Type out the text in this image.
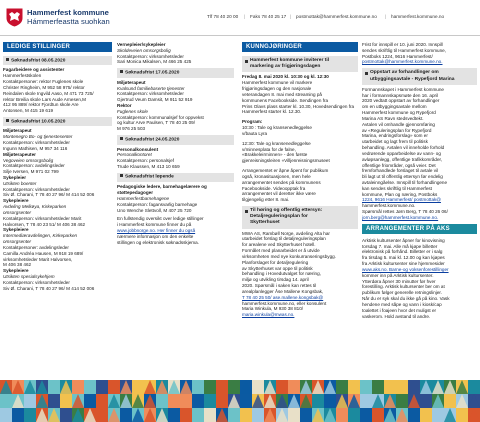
Hammerfest kommune
Hámmerfeastta suohkan
Tlf 78 40 20 00 | Faks 78 40 25 17 | postmottak@hammerfest.kommune.no | hammerfest.kommune.no
LEDIGE STILLINGER
Søknadsfrist 08.05.2020
Fagarbeidere og assistenter
Hammerfestskolen
Kontaktpersoner: rektor Fuglenes skole
Christer Ringheim, M 952 58 975/ rektor
Reindalen skole Ingvild Aaso, M 471 73 725/
rektor Breilia skole Lars Aude Arnesen,M
412 95 889/ rektor Fjordtun skole Are
Antonsen, M 415 19 619
Søknadsfrist 10.05.2020
Miljøterapeut
Montenegro Bo- og tjenestesenter
Kontaktperson: virksomhetsleder
Ingunn Mathisen, M 957 34 116
Miljøterapeuter
Vegoveien omsorgsbolig
Kontaktperson: avdelingsleder
Silje Iversen, M 971 02 799
Sykepleier
Utsikten boenter
Kontaktperson: virksomhetsleder
Siv Ø. Charani, T 78 40 27 96/ M 414 52 006
Sykepleiere
Avdeling Melkøya, Kirkeparken
omsorgsenter
Kontaktperson: virksomhetsleder Marit
Halvorsen, T 78 40 23 51/ M 406 38 462
Sykepleiere
Intermediæravdelingen, Kirkeparken
omsorgsenter
Kontaktpersoner: avdelingsleder
Camilla Andréa Hausen, M 918 19 689/
virksomhetsleder Marit Halvorsen,
M 406 38 462
Sykepleiere
Utsikten spesialsykehjem
Kontaktperson: virksomhetsleder
Siv Ø. Charani, T 78 40 27 96/ M 414 52 006
Vernepleier/sykepleier
Skoldeveien omsorgsbolig
Kontaktperson: virksomhetsleder
Sari Monica Mikalsen, M 466 25 425
Søknadsfrist 17.05.2020
Miljøterapeut
Kvalsund familiebaserte tjenester
Kontaktperson: virksomhetsleder
Gjertrud Veum Damsit, M 911 52 919
Rektor
Fuglenes skole
Kontaktperson: kommunalsjef for oppvekst
og kultur Arve Paulsen, T 78 40 25 09/
M 976 25 503
Søknadsfrist 24.05.2020
Personalkonsulent
Personalkontoret
Kontaktperson: personalsjef
Trude Klaussen, M 413 10 659
Søknadsfrist løpende
Pedagogiske ledere, barnehagelærere og
støttepedagoger
Hammerfestbarnehagene
Kontaktperson: fagansvarlig barnehage
Uno Wenche Slettvoll, M 407 25 720
En fullstendig oversikt over ledige stillinger
i Hammerfest kommune finner du på
www.jobbnorge.no. Her finner du også
nærmere informasjon om den enkelte
stillingen og elektronisk søknadsskjema.
KUNNGJØRINGER
Hammerfest kommune inviterer til
markering av frigjøringsdagen
Fredag 8. mai 2020 kl. 10:30 og kl. 12:30
Hammerfest kommune vil markere
frigjøringsdagen og den nasjonale
veterandagen 8. mai med streaming på
kommunens Facebookside. Sendingen fra
Prins Olavs plass starter kl. 10.30, Hovedsendingen fra
Hammerfest starter kl. 12.30.
Program:
10:30 : Tale og kransenedleggelse
v/bauta Lyra
12:30: Tale og kransenedleggelse
v/minnesplata for de falne,
«Brakkeleirminnen» - den første
gjenreisningsleiren «Villjenreisningsmuseet
Arrangementet er åpne åpent for publikum
også, kronasituasjonen, men hele
arrangementet sendes på kommunens
Facebookside. Videoopptak fra
arrangementet vil deretter ikke være
tilgjengelig etter 8. mai.
Til høring og offentlig ettersyn:
Detaljreguleringsplan for
Skytterhuset
MWA AS, Rambøll Norge, avdeling Alta har
utarbeidet forslag til detaljreguleringsplan
for arealene ved Skytterhuset hotell.
Formålet med planarbeidet er å utvide
virksomheten med nye konkurranseringsbygg.
Planforslaget for detaljregulering
av Skytterhuset var oppe til politisk
behandling i Hovedutvalget for næring,
miljø og utvikling tirsdag 14. april
2020. Spørsmål i saken kan rettes til
arealplanlegger Åse Mallene Kongsbak,
T 78 40 25 50/ ase.mallene.kongsbak@
hammerfest.kommune.no, eller konsulent
Maria Winkula, M 930 38 810/
maria.winkula@mwas.no.
Frist for innspill er 10. juni 2020. Innspill
sendes skriftlig til Hammerfest kommune,
Postboks 1224, 9616 Hammerfest/
postmottak@hammerfest.kommune.no.
Oppstart av forhandlinger om
utbyggingsavtale - Rypefjord Marina
Formannskapet i Hammerfest kommune
har i formannskapsmøte den 16. april
2020 vedtatt oppstart av forhandlinger
om en utbyggingsavtale mellom
Hammerfest kommune og Rypefjord
Marina AS Ravn stedsvedtekt.
Avtalen vil omhandle gjennomføring
av «Reguleringsplan for Rypefjord
Marina, endringsforslag» som er
utarbeidet og lagt frem til politisk
behandling. Avtalen vil inneholde forhold
vedrørende opparbeidelse av vann- og
avløpsanlegg, offentlige trafikkområder,
offentlige friområder, også veier. Det
fremforhandlede forslaget til avtale vil
bli lagt ut til offentlig ettersyn før endelig
avtaleinngåelse. Innspill til forhandlingene
kan sendes skriftlig til Hammerfest
kommune, Plan og næring, Postboks
1224, 9616 Hammerfest/ postmottak@
hammerfest.kommune.no.
Spørsmål rettes Jørn Berg, T 78 40 26 06/
jorn.berg@hammerfest.kommune.no.
ARRANGEMENTER PÅ AKS
Arktisk kultursenter åpner for kinovisning
torsdag 7. mai. Alle må kjøpe billetter
elektronisk på forhånd. Billetter er i salg
fra tirsdag 5. mai kl. 12.00 og kan kjøpes
fra Arktisk kultursenter sine hjemmesider
www.aks.no. Barne-og voksenforestillinger
kommer inn på Arktisk kultursenter.
Ytterdøra åpner 30 minutter før hver
forestilling. Arktisk kultursenter ber om at
publikum følger generelle retningslinjer.
Når du er syk skal du ikke gå på kino. Vask
hendene med såpe og vann i kiosk/cap
toalettet i foajeen hvor det muligst er
vaskerom. Hold avstand til andre.
